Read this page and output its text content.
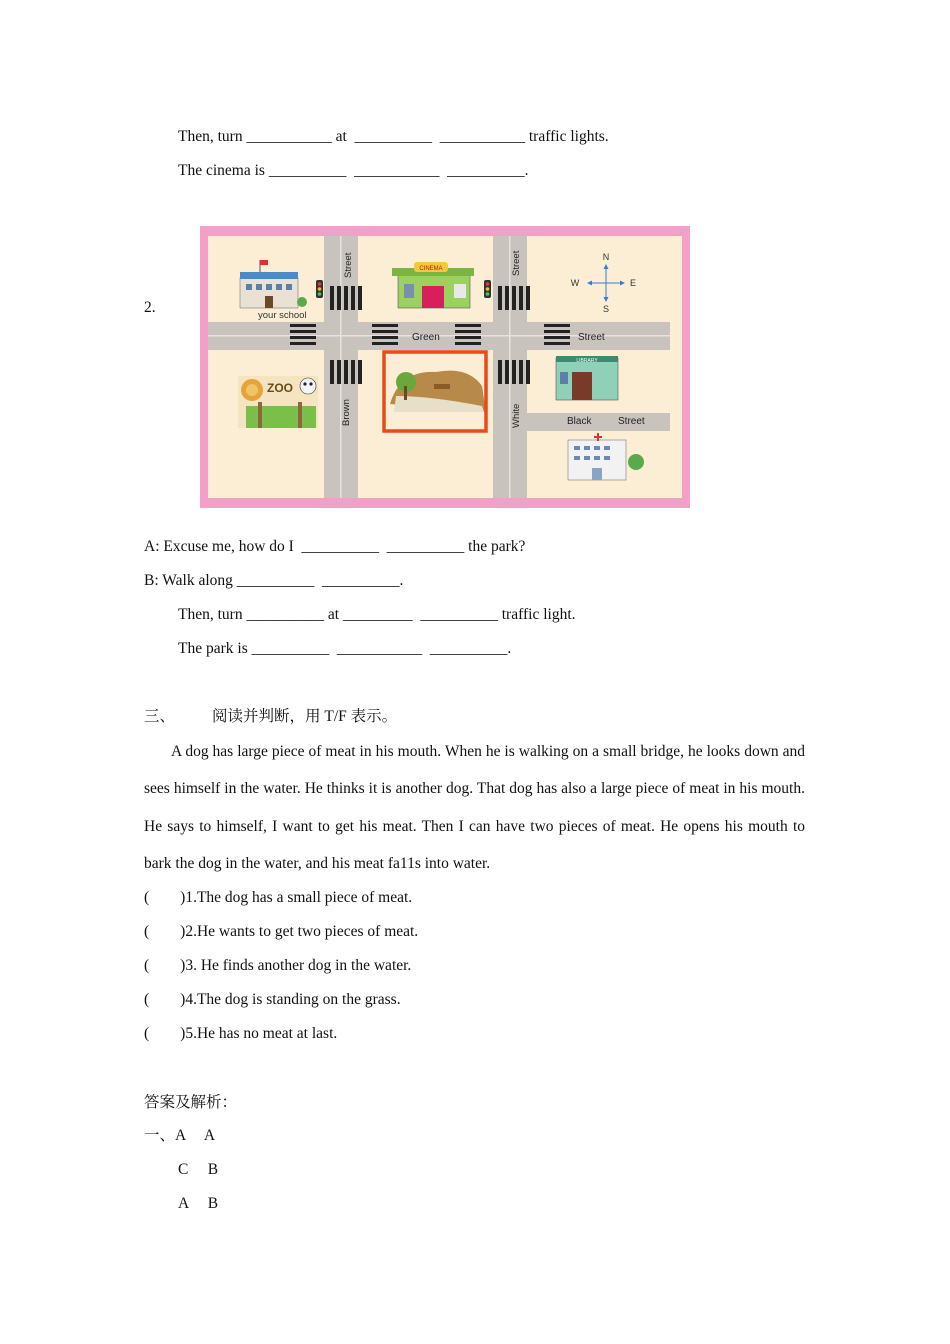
Then, turn ___________ at  __________  ___________ traffic lights.
The cinema is __________  ___________  __________.
2.	your school
CINEMA
N
S
W	E
ZOO
LIBRARY
Green	Street
Black	Street
Brown
Street
White
Street
A: Excuse me, how do I  __________  __________ the park?
B: Walk along __________  __________.
Then, turn __________ at _________  __________ traffic light.
The park is __________  ___________  __________.
三、 阅读并判断，用 T/F 表示。
A dog has large piece of meat in his mouth. When he is walking on a small bridge, he looks down and sees himself in the water. He thinks it is another dog. That dog has also a large piece of meat in his mouth. He says to himself, I want to get his meat. Then I can have two pieces of meat. He opens his mouth to bark the dog in the water, and his meat fa11s into water.
(        )1.The dog has a small piece of meat.
(        )2.He wants to get two pieces of meat.
(        )3. He finds another dog in the water.
(        )4.The dog is standing on the grass.
(        )5.He has no meat at last.
答案及解析：
一、A     A
C     B
A     B
